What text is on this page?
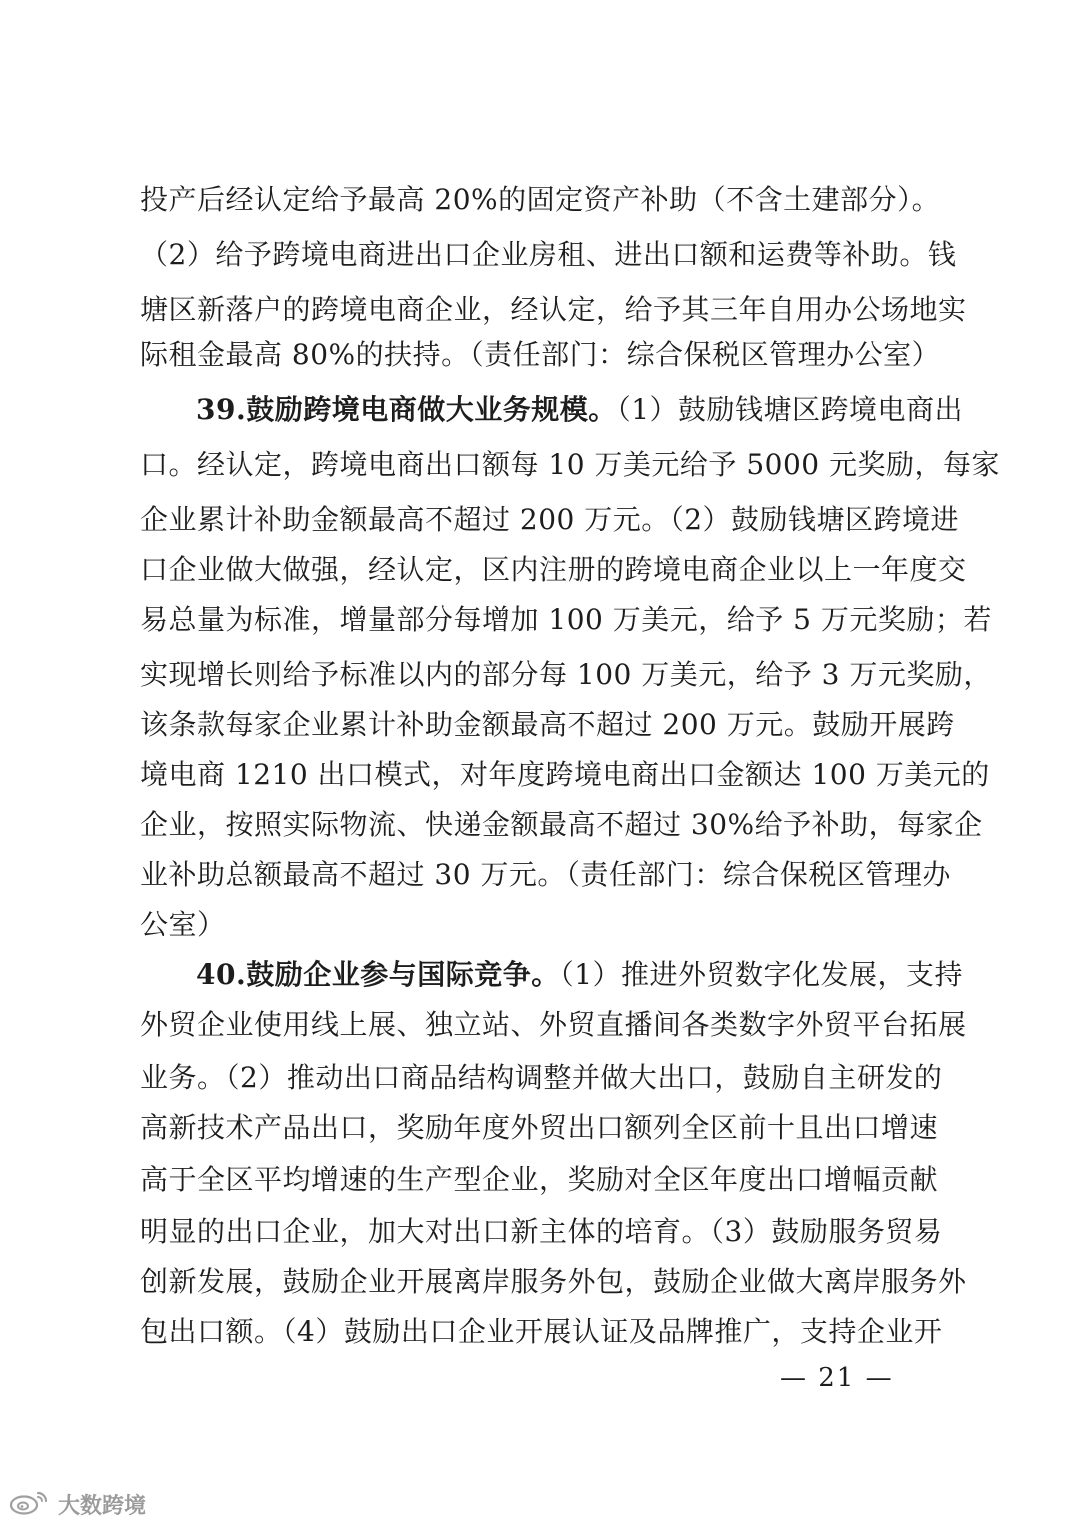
投产后经认定给予最高 20%的固定资产补助（不含土建部分）。
（2）给予跨境电商进出口企业房租、进出口额和运费等补助。钱
塘区新落户的跨境电商企业，经认定，给予其三年自用办公场地实
际租金最高 80%的扶持。（责任部门：综合保税区管理办公室）
39.鼓励跨境电商做大业务规模。（1）鼓励钱塘区跨境电商出
口。经认定，跨境电商出口额每 10 万美元给予 5000 元奖励，每家
企业累计补助金额最高不超过 200 万元。（2）鼓励钱塘区跨境进
口企业做大做强，经认定，区内注册的跨境电商企业以上一年度交
易总量为标准，增量部分每增加 100 万美元，给予 5 万元奖励；若
实现增长则给予标准以内的部分每 100 万美元，给予 3 万元奖励，
该条款每家企业累计补助金额最高不超过 200 万元。鼓励开展跨
境电商 1210 出口模式，对年度跨境电商出口金额达 100 万美元的
企业，按照实际物流、快递金额最高不超过 30%给予补助，每家企
业补助总额最高不超过 30 万元。（责任部门：综合保税区管理办
公室）
40.鼓励企业参与国际竞争。（1）推进外贸数字化发展，支持
外贸企业使用线上展、独立站、外贸直播间各类数字外贸平台拓展
业务。（2）推动出口商品结构调整并做大出口，鼓励自主研发的
高新技术产品出口，奖励年度外贸出口额列全区前十且出口增速
高于全区平均增速的生产型企业，奖励对全区年度出口增幅贡献
明显的出口企业，加大对出口新主体的培育。（3）鼓励服务贸易
创新发展，鼓励企业开展离岸服务外包，鼓励企业做大离岸服务外
包出口额。（4）鼓励出口企业开展认证及品牌推广，支持企业开
— 21 —
大数跨境
